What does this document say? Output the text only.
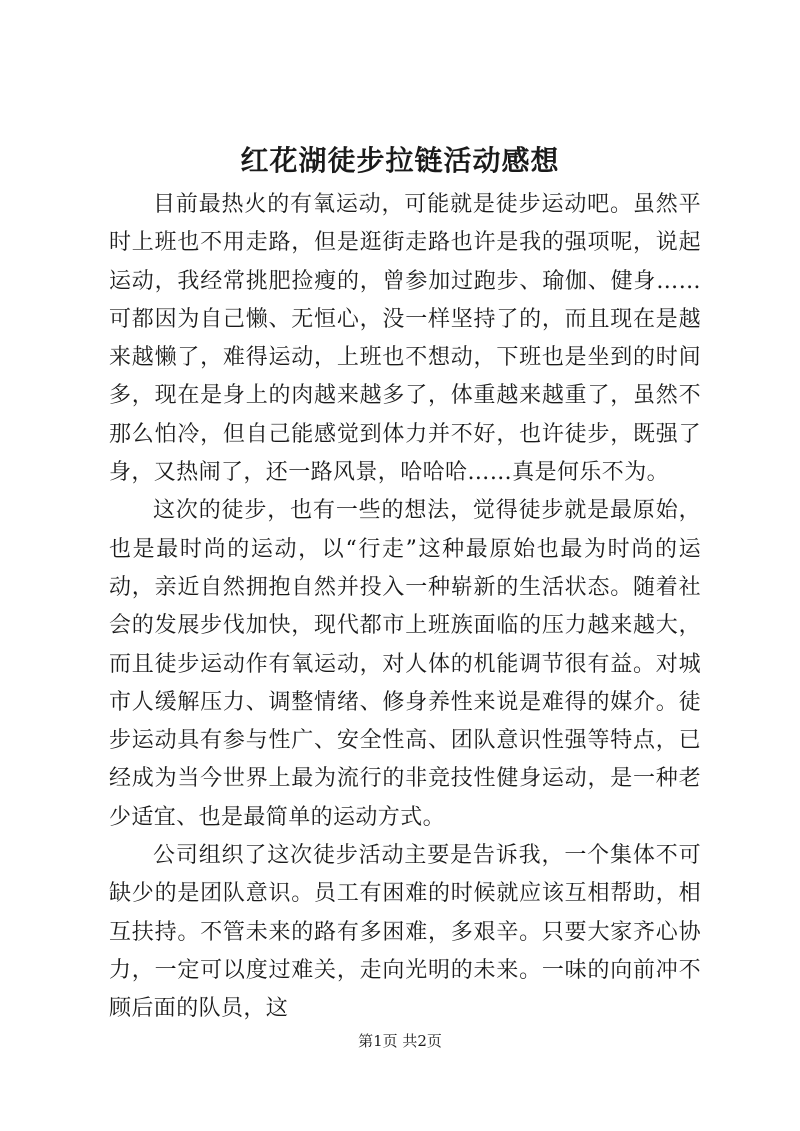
红花湖徒步拉链活动感想

目前最热火的有氧运动，可能就是徒步运动吧。虽然平时上班也不用走路，但是逛街走路也许是我的强项呢，说起运动，我经常挑肥捡瘦的，曾参加过跑步、瑜伽、健身……可都因为自己懒、无恒心，没一样坚持了的，而且现在是越来越懒了，难得运动，上班也不想动，下班也是坐到的时间多，现在是身上的肉越来越多了，体重越来越重了，虽然不那么怕冷，但自己能感觉到体力并不好，也许徒步，既强了身，又热闹了，还一路风景，哈哈哈……真是何乐不为。

这次的徒步，也有一些的想法，觉得徒步就是最原始，也是最时尚的运动，以“行走”这种最原始也最为时尚的运动，亲近自然拥抱自然并投入一种崭新的生活状态。随着社会的发展步伐加快，现代都市上班族面临的压力越来越大，而且徒步运动作有氧运动，对人体的机能调节很有益。对城市人缓解压力、调整情绪、修身养性来说是难得的媒介。徒步运动具有参与性广、安全性高、团队意识性强等特点，已经成为当今世界上最为流行的非竞技性健身运动，是一种老少适宜、也是最简单的运动方式。

公司组织了这次徒步活动主要是告诉我，一个集体不可缺少的是团队意识。员工有困难的时候就应该互相帮助，相互扶持。不管未来的路有多困难，多艰辛。只要大家齐心协力，一定可以度过难关，走向光明的未来。一味的向前冲不顾后面的队员，这

第1页 共2页
